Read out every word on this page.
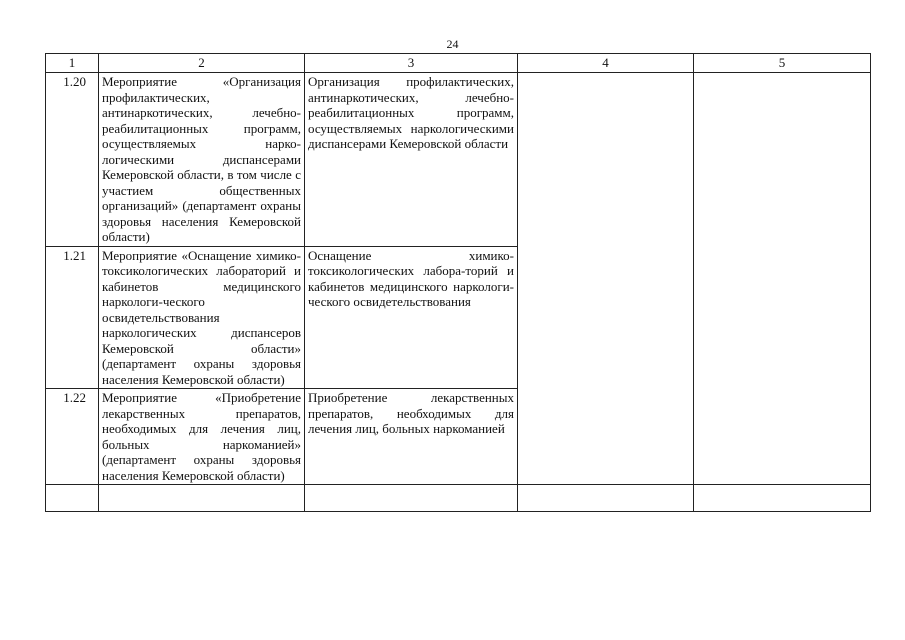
24
1	2	3	4	5
1.20	Мероприятие «Организация профилактических, антинаркотических, лечебно-реабилитационных программ, осуществляемых нарко-логическими диспансерами Кемеровской области, в том числе с участием общественных организаций» (департамент охраны здоровья населения Кемеровской области)	Организация профилактических, антинаркотических, лечебно-реабилитационных программ, осуществляемых наркологическими диспансерами Кемеровской области		
1.21	Мероприятие «Оснащение химико-токсикологических лабораторий и кабинетов медицинского наркологи-ческого освидетельствования наркологических диспансеров Кемеровской области» (департамент охраны здоровья населения Кемеровской области)	Оснащение химико-токсикологических лабора-торий и кабинетов медицинского наркологи-ческого освидетельствования		
1.22	Мероприятие «Приобретение лекарственных препаратов, необходимых для лечения лиц, больных наркоманией» (департамент охраны здоровья населения Кемеровской области)	Приобретение лекарственных препаратов, необходимых для лечения лиц, больных наркоманией		
